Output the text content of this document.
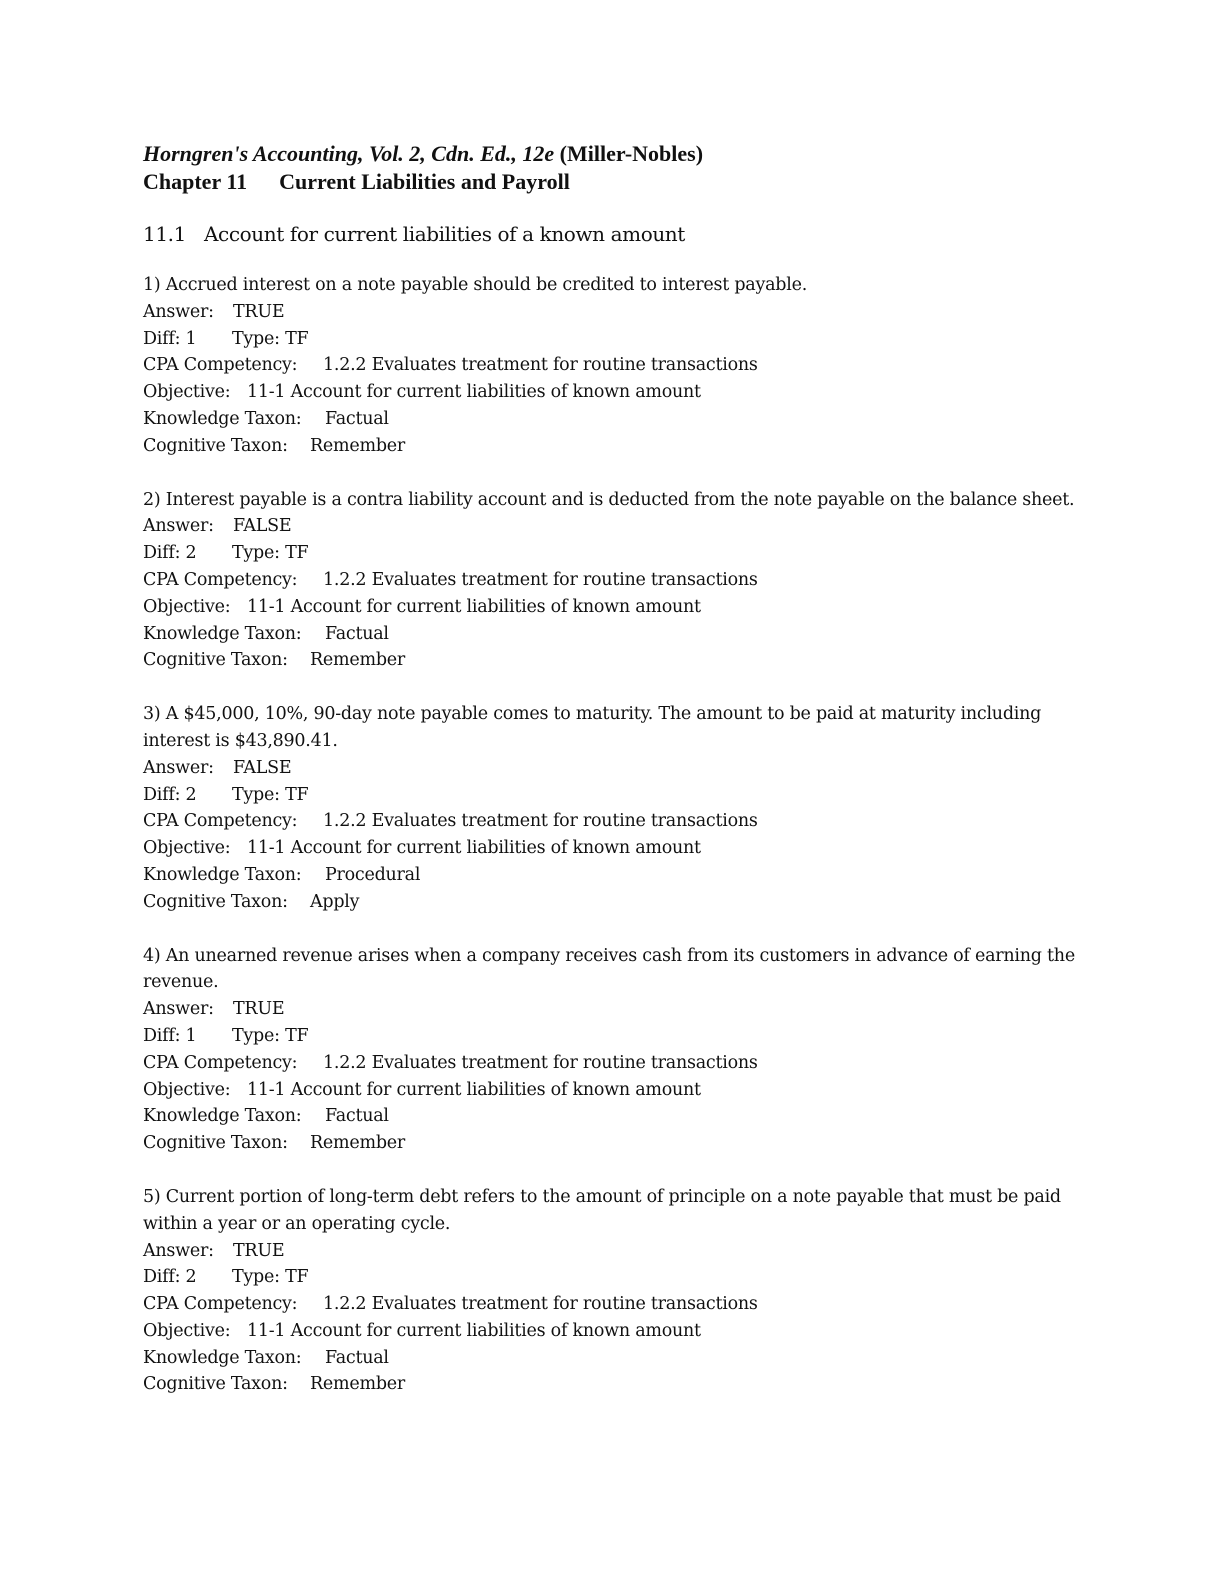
Horngren's Accounting, Vol. 2, Cdn. Ed., 12e (Miller-Nobles)

Chapter 11 Current Liabilities and Payroll

11.1 Account for current liabilities of a known amount

1) Accrued interest on a note payable should be credited to interest payable.

Answer: TRUE

Diff: 1 Type: TF

CPA Competency: 1.2.2 Evaluates treatment for routine transactions

Objective: 11-1 Account for current liabilities of known amount

Knowledge Taxon: Factual

Cognitive Taxon: Remember

2) Interest payable is a contra liability account and is deducted from the note payable on the balance sheet.

Answer: FALSE

Diff: 2 Type: TF

CPA Competency: 1.2.2 Evaluates treatment for routine transactions

Objective: 11-1 Account for current liabilities of known amount

Knowledge Taxon: Factual

Cognitive Taxon: Remember

3) A $45,000, 10%, 90-day note payable comes to maturity. The amount to be paid at maturity including interest is $43,890.41.

Answer: FALSE

Diff: 2 Type: TF

CPA Competency: 1.2.2 Evaluates treatment for routine transactions

Objective: 11-1 Account for current liabilities of known amount

Knowledge Taxon: Procedural

Cognitive Taxon: Apply

4) An unearned revenue arises when a company receives cash from its customers in advance of earning the revenue.

Answer: TRUE

Diff: 1 Type: TF

CPA Competency: 1.2.2 Evaluates treatment for routine transactions

Objective: 11-1 Account for current liabilities of known amount

Knowledge Taxon: Factual

Cognitive Taxon: Remember

5) Current portion of long-term debt refers to the amount of principle on a note payable that must be paid within a year or an operating cycle.

Answer: TRUE

Diff: 2 Type: TF

CPA Competency: 1.2.2 Evaluates treatment for routine transactions

Objective: 11-1 Account for current liabilities of known amount

Knowledge Taxon: Factual

Cognitive Taxon: Remember
